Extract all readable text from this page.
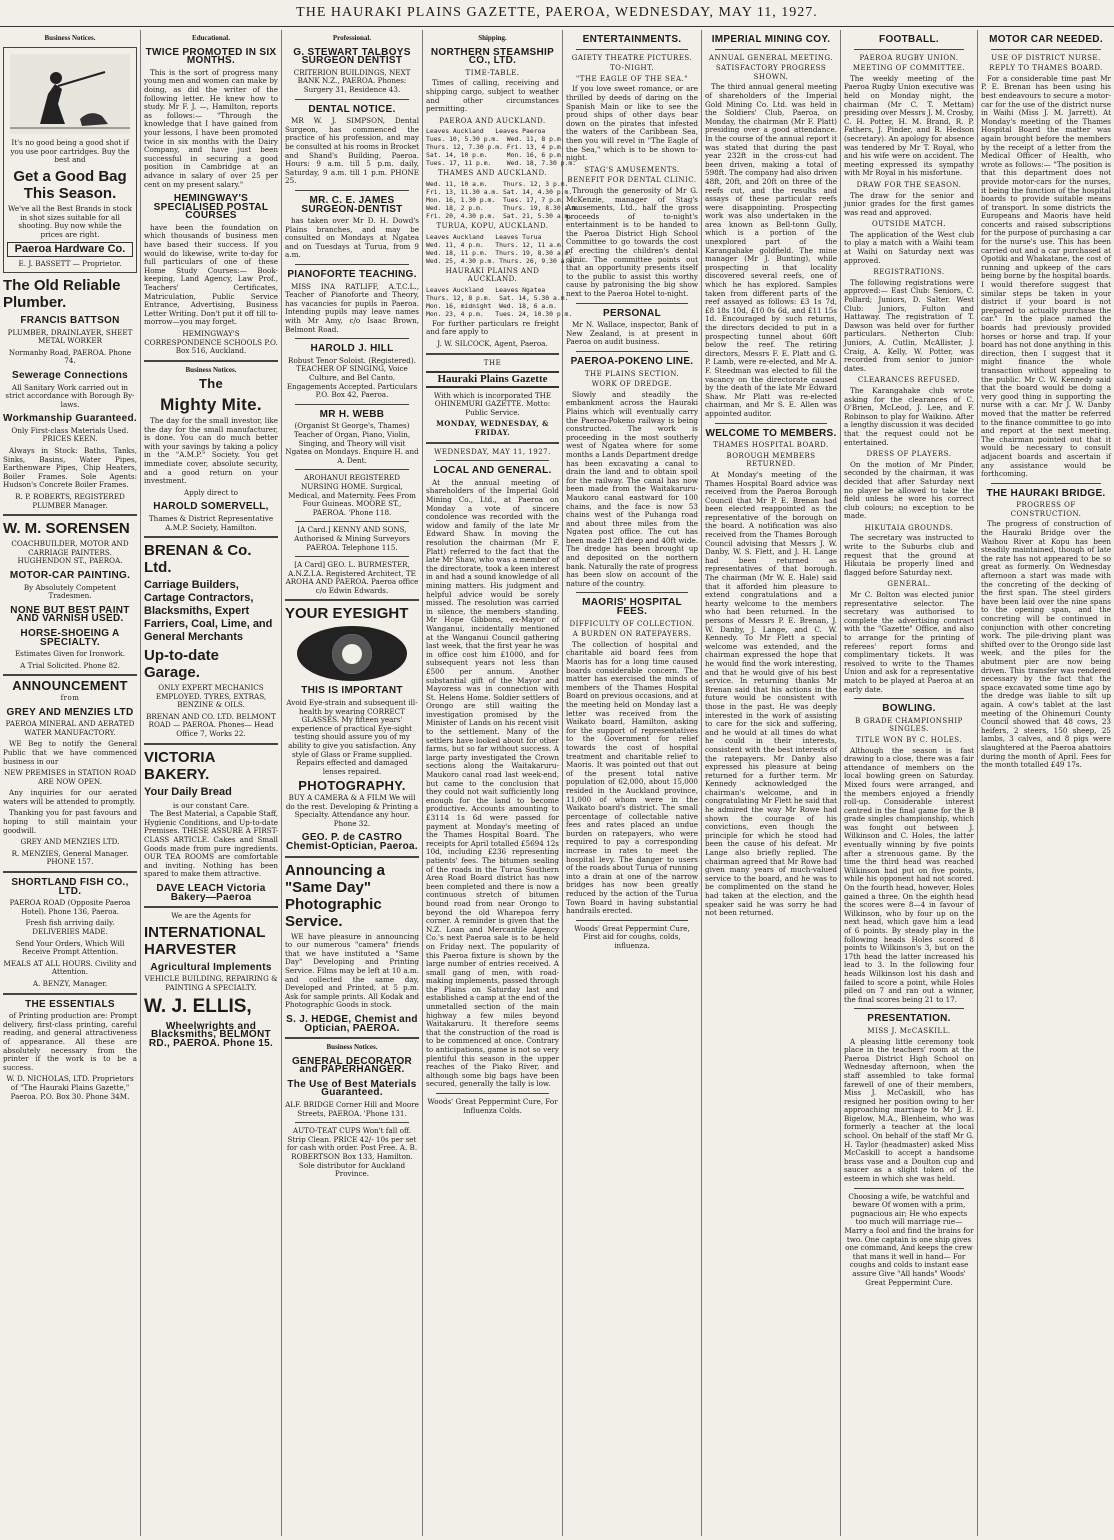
THE HAURAKI PLAINS GAZETTE, PAEROA, WEDNESDAY, MAY 11, 1927.
Business Notices.

It's no good being a good shot if you use poor cartridges. Buy the best and

Get a Good Bag This Season.

We've all the Best Brands in stock in shot sizes suitable for all shooting. Buy now while the prices are right.

Paeroa Hardware Co.
E. J. BASSETT — Proprietor.
The Old Reliable Plumber.
FRANCIS BATTSON

PLUMBER, DRAINLAYER, SHEET METAL WORKER

Normanby Road, PAEROA. Phone 74.

Sewerage Connections

All Sanitary Work carried out in strict accordance with Borough By-laws.

Workmanship Guaranteed.

Only First-class Materials Used. PRICES KEEN.

Always in Stock: Baths, Tanks, Sinks, Basins, Water Pipes, Earthenware Pipes, Chip Heaters, Boiler Frames. Sole Agents: Hudson's Concrete Boiler Frames.

R. P. ROBERTS, REGISTERED PLUMBER Manager.

W. M. SORENSEN

COACHBUILDER, MOTOR AND CARRIAGE PAINTERS. HUGHENDON ST., PAEROA.

MOTOR-CAR PAINTING.

By Absolutely Competent Tradesmen.

NONE BUT BEST PAINT AND VARNISH USED.
HORSE-SHOEING A SPECIALTY.

Estimates Given for Ironwork.

A Trial Solicited. Phone 82.

ANNOUNCEMENT
from
GREY AND MENZIES LTD

PAEROA MINERAL AND AERATED WATER MANUFACTORY.

WE Beg to notify the General Public that we have commenced business in our

NEW PREMISES in STATION ROAD ARE NOW OPEN.

Any inquiries for our aerated waters will be attended to promptly.

Thanking you for past favours and hoping to still maintain your goodwill.

GREY AND MENZIES LTD.

R. MENZIES, General Manager. PHONE 157.

SHORTLAND FISH CO., LTD.

PAEROA ROAD (Opposite Paeroa Hotel). Phone 136, Paeroa.

Fresh fish arriving daily. DELIVERIES MADE.

Send Your Orders, Which Will Receive Prompt Attention.

MEALS AT ALL HOURS. Civility and Attention.

A. BENZY, Manager.

THE ESSENTIALS

of Printing production are: Prompt delivery, first-class printing, careful reading, and general attractiveness of appearance. All these are absolutely necessary from the printer if the work is to be a success.

W. D. NICHOLAS, LTD. Proprietors of "The Hauraki Plains Gazette," Paeroa. P.O. Box 30. Phone 34M.

Educational.
TWICE PROMOTED IN SIX MONTHS.

This is the sort of progress many young men and women can make by doing, as did the writer of the following letter. He knew how to study. Mr F. J. —, Hamilton, reports as follows:— "Through the knowledge that I have gained from your lessons, I have been promoted twice in six months with the Dairy Company, and have just been successful in securing a good position in Cambridge at an advance in salary of over 25 per cent on my present salary."

HEMINGWAY'S SPECIALISED POSTAL COURSES

have been the foundation on which thousands of business men have based their success. If you would do likewise, write to-day for full particulars of one of these Home Study Courses:— Book-keeping, Land Agency, Law Prof., Teachers' Certificates, Matriculation, Public Service Entrance, Advertising, Business Letter Writing. Don't put it off till to-morrow—you may forget.

HEMINGWAY'S CORRESPONDENCE SCHOOLS P.O. Box 516, Auckland.

Business Notices.
The
Mighty Mite.

The day for the small investor, like the day for the small manufacturer, is done. You can do much better with your savings by taking a policy in the "A.M.P." Society. You get immediate cover, absolute security, and a good return on your investment.

Apply direct to

HAROLD SOMERVELL,

Thames & District Representative A.M.P. Society, Hamilton.

BRENAN & Co. Ltd.
Carriage Builders, Cartage Contractors, Blacksmiths, Expert Farriers, Coal, Lime, and General Merchants
Up-to-date Garage.

ONLY EXPERT MECHANICS EMPLOYED. TYRES, EXTRAS, BENZINE & OILS.

BRENAN AND CO. LTD. BELMONT ROAD — PAEROA. Phones— Head Office 7, Works 22.

VICTORIA BAKERY.
Your Daily Bread
is our constant Care.

The Best Material, a Capable Staff, Hygienic Conditions, and Up-to-date Premises. THESE ASSURE A FIRST-CLASS ARTICLE. Cakes and Small Goods made from pure ingredients. OUR TEA ROOMS are comfortable and inviting. Nothing has been spared to make them attractive.

DAVE LEACH Victoria Bakery—Paeroa

We are the Agents for

INTERNATIONAL HARVESTER
Agricultural Implements

VEHICLE BUILDING, REPAIRING & PAINTING A SPECIALTY.

W. J. ELLIS,
Wheelwrights and Blacksmiths, BELMONT RD., PAEROA. Phone 15.
Professional.
G. STEWART TALBOYS SURGEON DENTIST

CRITERION BUILDINGS, NEXT BANK N.Z., PAEROA. Phones: Surgery 31, Residence 43.

DENTAL NOTICE.

MR W. J. SIMPSON, Dental Surgeon, has commenced the practice of his profession, and may be consulted at his rooms in Brocket and Shand's Building, Paeroa. Hours: 9 a.m. till 5 p.m. daily, Saturday, 9 a.m. till 1 p.m. PHONE 25.

MR. C. E. JAMES SURGEON-DENTIST

has taken over Mr D. H. Dowd's Plains branches, and may be consulted on Mondays at Ngatea and on Tuesdays at Turua, from 9 a.m.

PIANOFORTE TEACHING.

MISS INA RATLIFF, A.T.C.L., Teacher of Pianoforte and Theory, has vacancies for pupils in Paeroa. Intending pupils may leave names with Mr Amy, c/o Isaac Brown, Belmont Road.

HAROLD J. HILL

Robust Tenor Soloist. (Registered). TEACHER OF SINGING, Voice Culture, and Bel Canto. Engagements Accepted. Particulars P.O. Box 42, Paeroa.

MR H. WEBB

(Organist St George's, Thames) Teacher of Organ, Piano, Violin, Singing, and Theory will visit Ngatea on Mondays. Enquire H. and A. Dent.

AROHANUI REGISTERED NURSING HOME. Surgical, Medical, and Maternity. Fees From Four Guineas. MOORE ST., PAEROA. 'Phone 118.

[A Card.] KENNY AND SONS, Authorised & Mining Surveyors PAEROA. Telephone 115.

[A Card] GEO. L. BURMESTER, A.N.Z.I.A. Registered Architect, TE AROHA AND PAEROA. Paeroa office c/o Edwin Edwards.

YOUR EYESIGHT
THIS IS IMPORTANT

Avoid Eye-strain and subsequent ill-health by wearing CORRECT GLASSES. My fifteen years' experience of practical Eye-sight testing should assure you of my ability to give you satisfaction. Any style of Glass or Frame supplied. Repairs effected and damaged lenses repaired.

PHOTOGRAPHY.

BUY A CAMERA & A FILM We will do the rest. Developing & Printing a Specialty. Attendance any hour. Phone 32.

GEO. P. de CASTRO Chemist-Optician, Paeroa.
Announcing a "Same Day" Photographic Service.

WE have pleasure in announcing to our numerous "camera" friends that we have instituted a "Same Day" Developing and Printing Service. Films may be left at 10 a.m. and collected the same day, Developed and Printed, at 5 p.m. Ask for sample prints. All Kodak and Photographic Goods in stock.

S. J. HEDGE, Chemist and Optician, PAEROA.
Business Notices.
GENERAL DECORATOR and PAPERHANGER.
The Use of Best Materials Guaranteed.

ALF. BRIDGE Corner Hill and Moore Streets, PAEROA. 'Phone 131.

AUTO-TEAT CUPS Won't fall off. Strip Clean. PRICE 42/- 10s per set for cash with order. Post Free. A. B. ROBERTSON Box 133, Hamilton. Sole distributor for Auckland Province.

Shipping.
NORTHERN STEAMSHIP CO., LTD.
TIME-TABLE.

Times of calling, receiving and shipping cargo, subject to weather and other circumstances permitting.

PAEROA AND AUCKLAND.
Leaves Auckland   Leaves Paeroa
Tues. 10, 5.30 p.m.  Wed. 11, 8 p.m.
Thurs. 12, 7.30 p.m. Fri. 13, 4 p.m.
Sat. 14, 10 p.m.     Mon. 16, 6 p.m.
Tues. 17, 11 p.m.    Wed. 18, 7.30 p.m.
THAMES AND AUCKLAND.
Wed. 11, 10 a.m.    Thurs. 12, 3 p.m.
Fri. 13, 11.30 a.m. Sat. 14, 4.30 p.m.
Mon. 16, 1.30 p.m.  Tues. 17, 7 p.m.
Wed. 18, 2 p.m.     Thurs. 19, 8.30 a.m.
Fri. 20, 4.30 p.m.  Sat. 21, 5.30 a.m.
TURUA, KOPU, AUCKLAND.
Leaves Auckland   Leaves Turua
Wed. 11, 4 p.m.   Thurs. 12, 11 a.m.
Wed. 18, 11 p.m.  Thurs. 19, 8.30 a.m.
Wed. 25, 4.30 p.m. Thurs. 26, 9.30 a.m.
HAURAKI PLAINS AND AUCKLAND.
Leaves Auckland   Leaves Ngatea
Thurs. 12, 8 p.m.  Sat. 14, 5.30 a.m.
Mon. 16, midnight  Wed. 18, 6 a.m.
Mon. 23, 4 p.m.   Tues. 24, 10.30 p.m.

For further particulars re freight and fare apply to

J. W. SILCOCK, Agent, Paeroa.

THE
Hauraki Plains Gazette

With which is incorporated THE OHINEMURI GAZETTE. Motto: Public Service.

MONDAY, WEDNESDAY, & FRIDAY.
WEDNESDAY, MAY 11, 1927.
LOCAL AND GENERAL.

At the annual meeting of shareholders of the Imperial Gold Mining Co., Ltd., at Paeroa on Monday a vote of sincere condolence was recorded with the widow and family of the late Mr Edward Shaw. In moving the resolution the chairman (Mr F. Platt) referred to the fact that the late Mr Shaw, who was a member of the directorate, took a keen interest in and had a sound knowledge of all mining matters. His judgment and helpful advice would be sorely missed. The resolution was carried in silence, the members standing. Mr Hope Gibbons, ex-Mayor of Wanganui, incidentally mentioned at the Wanganui Council gathering last week, that the first year he was in office cost him £1000, and for subsequent years not less than £500 per annum. Another substantial gift of the Mayor and Mayoress was in connection with St. Helens Home. Soldier settlers of Orongo are still waiting the investigation promised by the Minister of Lands on his recent visit to the settlement. Many of the settlers have looked about for other farms, but so far without success. A large party investigated the Crown sections along the Waitakaruru-Maukoro canal road last week-end, but came to the conclusion that they could not wait sufficiently long enough for the land to become productive. Accounts amounting to £3114 1s 6d were passed for payment at Monday's meeting of the Thames Hospital Board. The receipts for April totalled £5694 12s 10d, including £236 representing patients' fees. The bitumen sealing of the roads in the Turua Southern Area Road Board district has now been completed and there is now a continuous stretch of bitumen bound road from near Orongo to beyond the old Wharepoa ferry corner. A reminder is given that the N.Z. Loan and Mercantile Agency Co.'s next Paeroa sale is to be held on Friday next. The popularity of this Paeroa fixture is shown by the large number of entries received. A small gang of men, with road-making implements, passed through the Plains on Saturday last and established a camp at the end of the unmetalled section of the main highway a few miles beyond Waitakaruru. It therefore seems that the construction of the road is to be commenced at once. Contrary to anticipations, game is not so very plentiful this season in the upper reaches of the Piako River, and although some big bags have been secured, generally the tally is low.

Woods' Great Peppermint Cure, For Influenza Colds.

ENTERTAINMENTS.
GAIETY THEATRE PICTURES.
TO-NIGHT.
"THE EAGLE OF THE SEA."

If you love sweet romance, or are thrilled by deeds of daring on the Spanish Main or like to see the proud ships of other days bear down on the pirates that infested the waters of the Caribbean Sea, then you will revel in "The Eagle of the Sea," which is to be shown to-night.

STAG'S AMUSEMENTS.
BENEFIT FOR DENTAL CLINIC.

Through the generosity of Mr G. McKenzie, manager of Stag's Amusements, Ltd., half the gross proceeds of to-night's entertainment is to be handed to the Paeroa District High School Committee to go towards the cost of erecting the children's dental clinic. The committee points out that an opportunity presents itself to the public to assist this worthy cause by patronising the big show next to the Paeroa Hotel to-night.

PERSONAL

Mr N. Wallace, inspector, Bank of New Zealand, is at present in Paeroa on audit business.

PAEROA-POKENO LINE.
THE PLAINS SECTION.
WORK OF DREDGE.

Slowly and steadily the embankment across the Hauraki Plains which will eventually carry the Paeroa-Pokeno railway is being constructed. The work is proceeding in the most southerly west of Ngatea where for some months a Lands Department dredge has been excavating a canal to drain the land and to obtain spoil for the railway. The canal has now been made from the Waitakaruru-Maukoro canal eastward for 100 chains, and the face is now 53 chains west of the Puhanga road and about three miles from the Ngatea post office. The cut has been made 12ft deep and 40ft wide. The dredge has been brought up and deposited on the northern bank. Naturally the rate of progress has been slow on account of the nature of the country.

MAORIS' HOSPITAL FEES.
DIFFICULTY OF COLLECTION.
A BURDEN ON RATEPAYERS.

The collection of hospital and charitable aid board fees from Maoris has for a long time caused boards considerable concern. The matter has exercised the minds of members of the Thames Hospital Board on previous occasions, and at the meeting held on Monday last a letter was received from the Waikato board, Hamilton, asking for the support of representatives to the Government for relief towards the cost of hospital treatment and charitable relief to Maoris. It was pointed out that out of the present total native population of 62,000, about 15,000 resided in the Auckland province, 11,000 of whom were in the Waikato board's district. The small percentage of collectable native fees and rates placed an undue burden on ratepayers, who were required to pay a corresponding increase in rates to meet the hospital levy. The danger to users of the roads about Turua of running into a drain at one of the narrow bridges has now been greatly reduced by the action of the Turua Town Board in having substantial handrails erected.

Woods' Great Peppermint Cure, First aid for coughs, colds, influenza.

IMPERIAL MINING COY.
ANNUAL GENERAL MEETING.
SATISFACTORY PROGRESS SHOWN.

The third annual general meeting of shareholders of the Imperial Gold Mining Co. Ltd. was held in the Soldiers' Club, Paeroa, on Monday, the chairman (Mr F. Platt) presiding over a good attendance. In the course of the annual report it was stated that during the past year 232ft in the cross-cut had been driven, making a total of 598ft. The company had also driven 48ft, 20ft, and 20ft on three of the reefs cut, and the results and assays of these particular reefs were disappointing. Prospecting work was also undertaken in the area known as Bell-tonn Gully, which is a portion of the unexplored part of the Karangahake goldfield. The mine manager (Mr J. Bunting), while prospecting in that locality discovered several reefs, one of which he has explored. Samples taken from different parts of the reef assayed as follows: £3 1s 7d, £8 18s 10d, £10 0s 6d, and £11 15s 1d. Encouraged by such returns, the directors decided to put in a prospecting tunnel about 60ft below the reef. The retiring directors, Messrs F. E. Platt and G. P. Lamb, were re-elected, and Mr A. F. Steedman was elected to fill the vacancy on the directorate caused by the death of the late Mr Edward Shaw. Mr Platt was re-elected chairman, and Mr S. E. Allen was appointed auditor.

WELCOME TO MEMBERS.
THAMES HOSPITAL BOARD.
BOROUGH MEMBERS RETURNED.

At Monday's meeting of the Thames Hospital Board advice was received from the Paeroa Borough Council that Mr P. E. Brenan had been elected reappointed as the representative of the borough on the board. A notification was also received from the Thames Borough Council advising that Messrs J. W. Danby, W. S. Flett, and J. H. Lange had been returned as representatives of that borough. The chairman (Mr W. E. Hale) said that it afforded him pleasure to extend congratulations and a hearty welcome to the members who had been returned. In the persons of Messrs P. E. Brenan, J. W. Danby, J. Lange, and C. W. Kennedy. To Mr Flett a special welcome was extended, and the chairman expressed the hope that he would find the work interesting, and that he would give of his best service. In returning thanks Mr Brenan said that his actions in the future would be consistent with those in the past. He was deeply interested in the work of assisting to care for the sick and suffering, and he would at all times do what he could in their interests, consistent with the best interests of the ratepayers. Mr Danby also expressed his pleasure at being returned for a further term. Mr Kennedy acknowledged the chairman's welcome, and in congratulating Mr Flett he said that he admired the way Mr Rowe had shown the courage of his convictions, even though the principle for which he stood had been the cause of his defeat. Mr Lange also briefly replied. The chairman agreed that Mr Rowe had given many years of much-valued service to the board, and he was to be complimented on the stand he had taken at the election, and the speaker said he was sorry he had not been returned.

FOOTBALL.
PAEROA RUGBY UNION.
MEETING OF COMMITTEE.

The weekly meeting of the Paeroa Rugby Union executive was held on Monday night, the chairman (Mr C. T. Mettam) presiding over Messrs J. M. Crosby, C. H. Potter, H. M. Brand, R. P. Fathers, J. Pinder, and R. Hedson (secretary). An apology for absence was tendered by Mr T. Royal, who and his wife were on accident. The meeting expressed its sympathy with Mr Royal in his misfortune.

DRAW FOR THE SEASON.

The draw for the senior and junior grades for the first games was read and approved.

OUTSIDE MATCH.

The application of the West club to play a match with a Waihi team at Waihi on Saturday next was approved.

REGISTRATIONS.

The following registrations were approved:— East Club: Seniors, C. Pollard; Juniors, D. Salter. West Club: Juniors, Fulton and Hattaway. The registration of T. Dawson was held over for further particulars. Netherton Club: Juniors, A. Cutlin, McAllister, J. Craig, A. Kelly, W. Potter, was recorded from senior to junior-dates.

CLEARANCES REFUSED.

The Karangahake club wrote asking for the clearances of C. O'Brien, McLeod, J. Lee, and F. Robinson to play for Waikino. After a lengthy discussion it was decided that the request could not be entertained.

DRESS OF PLAYERS.

On the motion of Mr Pinder, seconded by the chairman, it was decided that after Saturday next no player be allowed to take the field unless he wore his correct club colours; no exception to be made.

HIKUTAIA GROUNDS.

The secretary was instructed to write to the Suburbs club and request that the ground at Hikutaia be properly lined and flagged before Saturday next.

GENERAL.

Mr C. Bolton was elected junior representative selector. The secretary was authorised to complete the advertising contract with the "Gazette" Office, and also to arrange for the printing of referees' report forms and complimentary tickets. It was resolved to write to the Thames Union and ask for a representative match to be played at Paeroa at an early date.

BOWLING.
B GRADE CHAMPIONSHIP SINGLES.
TITLE WON BY C. HOLES.

Although the season is fast drawing to a close, there was a fair attendance of members on the local bowling green on Saturday. Mixed fours were arranged, and the members enjoyed a friendly roll-up. Considerable interest centred in the final game for the B grade singles championship, which was fought out between J. Wilkinson and C. Holes, the latter eventually winning by five points after a strenuous game. By the time the third head was reached Wilkinson had put on five points, while his opponent had not scored. On the fourth head, however, Holes gained a three. On the eighth head the scores were 8—4 in favour of Wilkinson, who by four up on the next head, which gave him a lead of 6 points. By steady play in the following heads Holes scored 8 points to Wilkinson's 3, but on the 17th head the latter increased his lead to 3. In the following four heads Wilkinson lost his dash and failed to score a point, while Holes piled on 7 and ran out a winner, the final scores being 21 to 17.

PRESENTATION.
MISS J. McCASKILL.

A pleasing little ceremony took place in the teachers' room at the Paeroa District High School on Wednesday afternoon, when the staff assembled to take formal farewell of one of their members, Miss J. McCaskill, who has resigned her position owing to her approaching marriage to Mr J. E. Bigelow, M.A., Blenheim, who was formerly a teacher at the local school. On behalf of the staff Mr G. H. Taylor (headmaster) asked Miss McCaskill to accept a handsome brass vase and a Doulton cup and saucer as a slight token of the esteem in which she was held.

Choosing a wife, be watchful and beware Of women with a prim, pugnacious air; He who expects too much will marriage rue— Marry a fool and find the brains for two. One captain is one ship gives one command, And keeps the crew that mans it well in hand— For coughs and colds to instant ease assure Give "All hands" Woods' Great Peppermint Cure.

MOTOR CAR NEEDED.
USE OF DISTRICT NURSE.
REPLY TO THAMES BOARD.

For a considerable time past Mr P. E. Brenan has been using his best endeavours to secure a motor-car for the use of the district nurse in Waihi (Miss J. M. Jarrett). At Monday's meeting of the Thames Hospital Board the matter was again brought before the members by the receipt of a letter from the Medical Officer of Health, who wrote as follows:— "The position is that this department does not provide motor-cars for the nurses, it being the function of the hospital boards to provide suitable means of transport. In some districts the Europeans and Maoris have held concerts and raised subscriptions for the purpose of purchasing a car for the nurse's use. This has been carried out and a car purchased at Opotiki and Whakatane, the cost of running and upkeep of the cars being borne by the hospital boards. I would therefore suggest that similar steps be taken in your district if your board is not prepared to actually purchase the car." In the place named the boards had previously provided horses or horse and trap. If your board has not done anything in this direction, then I suggest that it might finance the whole transaction without appealing to the public. Mr C. W. Kennedy said that the board would be doing a very good thing in supporting the nurse with a car. Mr J. W. Danby moved that the matter be referred to the finance committee to go into and report at the next meeting. The chairman pointed out that it would be necessary to consult adjacent boards and ascertain if any assistance would be forthcoming.

THE HAURAKI BRIDGE.
PROGRESS OF CONSTRUCTION.

The progress of construction of the Hauraki Bridge over the Waihou River at Kopu has been steadily maintained, though of late the rate has not appeared to be so great as formerly. On Wednesday afternoon a start was made with the concreting of the decking of the first span. The steel girders have been laid over the nine spans to the opening span, and the concreting will be continued in conjunction with other concreting work. The pile-driving plant was shifted over to the Orongo side last week, and the piles for the abutment pier are now being driven. This transfer was rendered necessary by the fact that the space excavated some time ago by the dredge was liable to silt up again. A cow's tablet at the last meeting of the Ohinemuri County Council showed that 48 cows, 23 heifers, 2 steers, 150 sheep, 25 lambs, 3 calves, and 8 pigs were slaughtered at the Paeroa abattoirs during the month of April. Fees for the month totalled £49 17s.
